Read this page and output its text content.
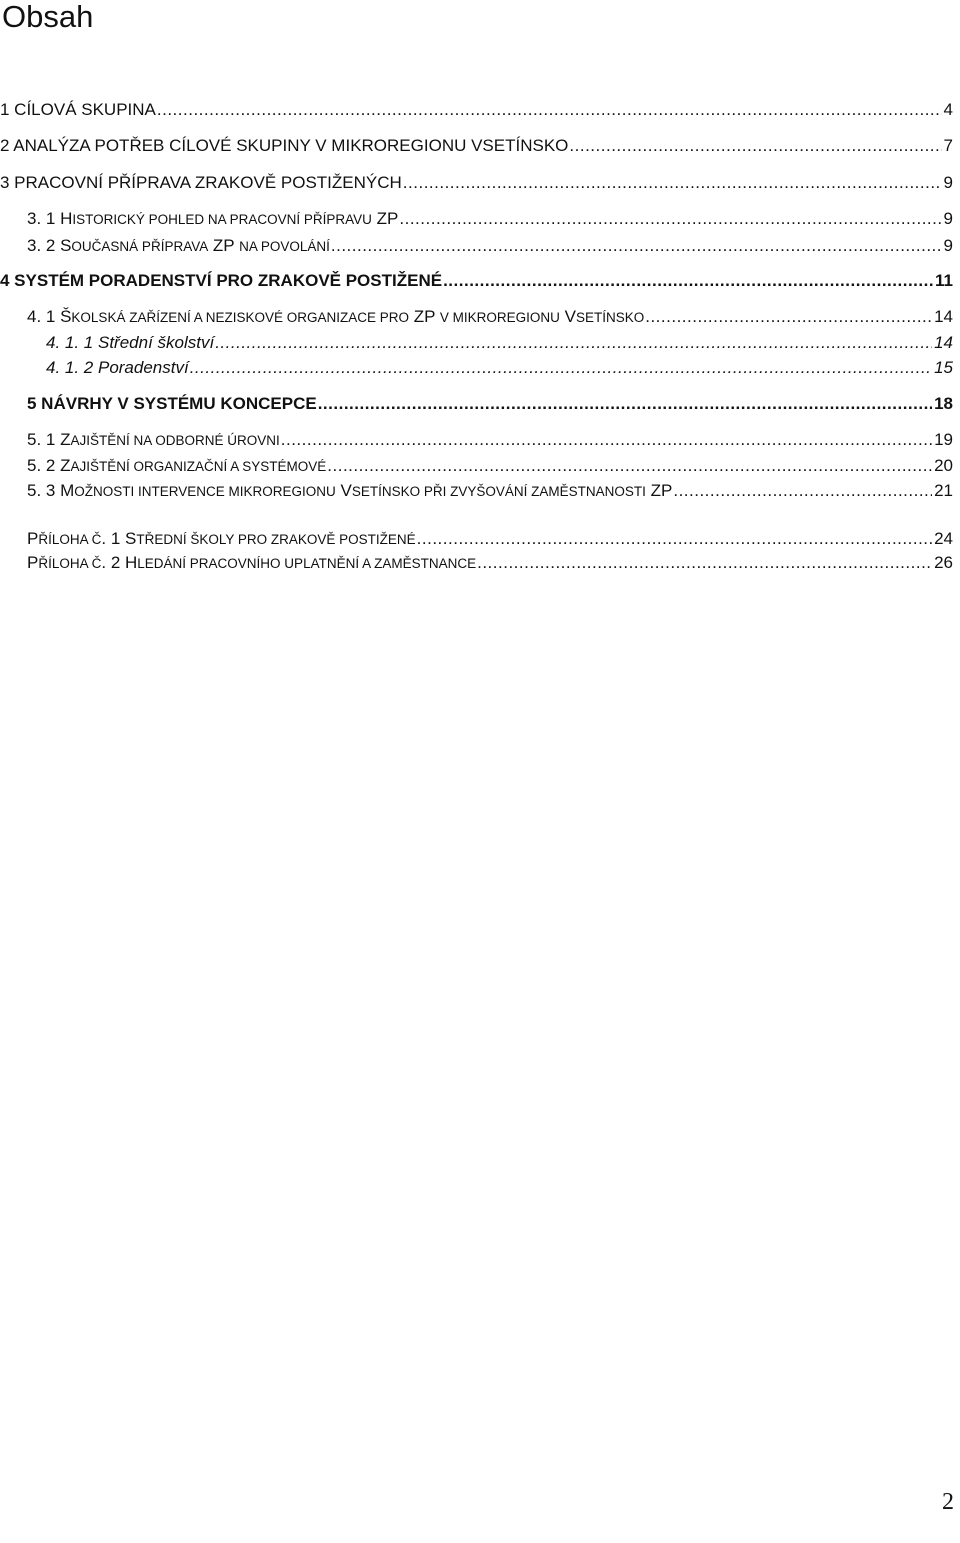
Obsah
1 CÍLOVÁ SKUPINA .....	4
2 ANALÝZA POTŘEB CÍLOVÉ SKUPINY V MIKROREGIONU VSETÍNSKO .....	7
3 PRACOVNÍ PŘÍPRAVA ZRAKOVĚ POSTIŽENÝCH .....	9
3. 1 HISTORICKÝ POHLED NA PRACOVNÍ PŘÍPRAVU ZP .....	9
3. 2 SOUČASNÁ PŘÍPRAVA ZP NA POVOLÁNÍ .....	9
4 SYSTÉM PORADENSTVÍ PRO ZRAKOVĚ POSTIŽENÉ .....	11
4. 1 ŠKOLSKÁ ZAŘÍZENÍ A NEZISKOVÉ ORGANIZACE PRO ZP V MIKROREGIONU VSETÍNSKO .....	14
4. 1. 1 Střední školství .....	14
4. 1. 2 Poradenství .....	15
5 NÁVRHY V SYSTÉMU KONCEPCE .....	18
5. 1 ZAJIŠTĚNÍ NA ODBORNÉ ÚROVNI .....	19
5. 2 ZAJIŠTĚNÍ ORGANIZAČNÍ A SYSTÉMOVÉ .....	20
5. 3 MOŽNOSTI INTERVENCE MIKROREGIONU VSETÍNSKO PŘI ZVYŠOVÁNÍ ZAMĚSTNANOSTI ZP .....	21
PŘÍLOHA Č. 1 STŘEDNÍ ŠKOLY PRO ZRAKOVĚ POSTIŽENÉ .....	24
PŘÍLOHA Č. 2 HLEDÁNÍ PRACOVNÍHO UPLATNĚNÍ A ZAMĚSTNANCE .....	26
2
